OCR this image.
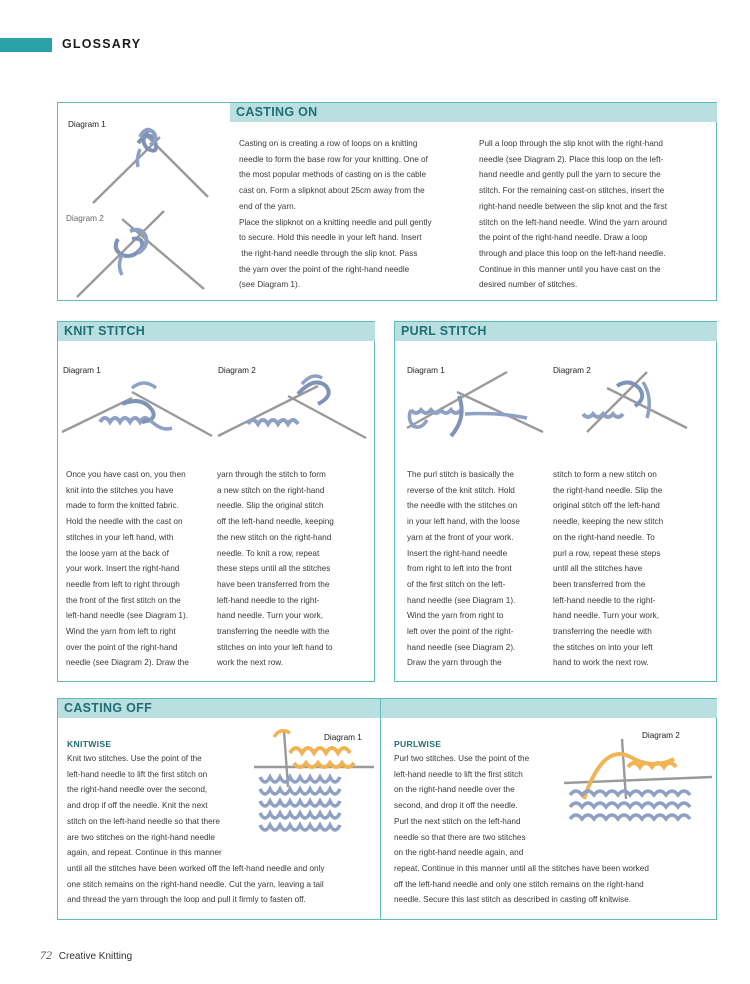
GLOSSARY
CASTING ON
Diagram 1
Diagram 2
Casting on is creating a row of loops on a knitting
needle to form the base row for your knitting. One of
the most popular methods of casting on is the cable
cast on. Form a slipknot about 25cm away from the
end of the yarn.
Place the slipknot on a knitting needle and pull gently
to secure. Hold this needle in your left hand. Insert
the right-hand needle through the slip knot. Pass
the yarn over the point of the right-hand needle
(see Diagram 1).
Pull a loop through the slip knot with the right-hand
needle (see Diagram 2). Place this loop on the left-
hand needle and gently pull the yarn to secure the
stitch. For the remaining cast-on stitches, insert the
right-hand needle between the slip knot and the first
stitch on the left-hand needle. Wind the yarn around
the point of the right-hand needle. Draw a loop
through and place this loop on the left-hand needle.
Continue in this manner until you have cast on the
desired number of stitches.
KNIT STITCH
Diagram 1	Diagram 2
Once you have cast on, you then
knit into the stitches you have
made to form the knitted fabric.
Hold the needle with the cast on
stitches in your left hand, with
the loose yarn at the back of
your work. Insert the right-hand
needle from left to right through
the front of the first stitch on the
left-hand needle (see Diagram 1).
Wind the yarn from left to right
over the point of the right-hand
needle (see Diagram 2). Draw the
yarn through the stitch to form
a new stitch on the right-hand
needle. Slip the original stitch
off the left-hand needle, keeping
the new stitch on the right-hand
needle. To knit a row, repeat
these steps until all the stitches
have been transferred from the
left-hand needle to the right-
hand needle. Turn your work,
transferring the needle with the
stitches on into your left hand to
work the next row.
PURL STITCH
Diagram 1	Diagram 2
The purl stitch is basically the
reverse of the knit stitch. Hold
the needle with the stitches on
in your left hand, with the loose
yarn at the front of your work.
Insert the right-hand needle
from right to left into the front
of the first stitch on the left-
hand needle (see Diagram 1).
Wind the yarn from right to
left over the point of the right-
hand needle (see Diagram 2).
Draw the yarn through the
stitch to form a new stitch on
the right-hand needle. Slip the
original stitch off the left-hand
needle, keeping the new stitch
on the right-hand needle. To
purl a row, repeat these steps
until all the stitches have
been transferred from the
left-hand needle to the right-
hand needle. Turn your work,
transferring the needle with
the stitches on into your left
hand to work the next row.
CASTING OFF
KNITWISE
Diagram 1
Knit two stitches. Use the point of the
left-hand needle to lift the first stitch on
the right-hand needle over the second,
and drop if off the needle. Knit the next
stitch on the left-hand needle so that there
are two stitches on the right-hand needle
again, and repeat. Continue in this manner
until all the stitches have been worked off the left-hand needle and only
one stitch remains on the right-hand needle. Cut the yarn, leaving a tail
and thread the yarn through the loop and pull it firmly to fasten off.
PURLWISE
Diagram 2
Purl two stitches. Use the point of the
left-hand needle to lift the first stitch
on the right-hand needle over the
second, and drop it off the needle.
Purl the next stitch on the left-hand
needle so that there are two stitches
on the right-hand needle again, and
repeat. Continue in this manner until all the stitches have been worked
off the left-hand needle and only one stitch remains on the right-hand
needle. Secure this last stitch as described in casting off knitwise.
72 Creative Knitting
